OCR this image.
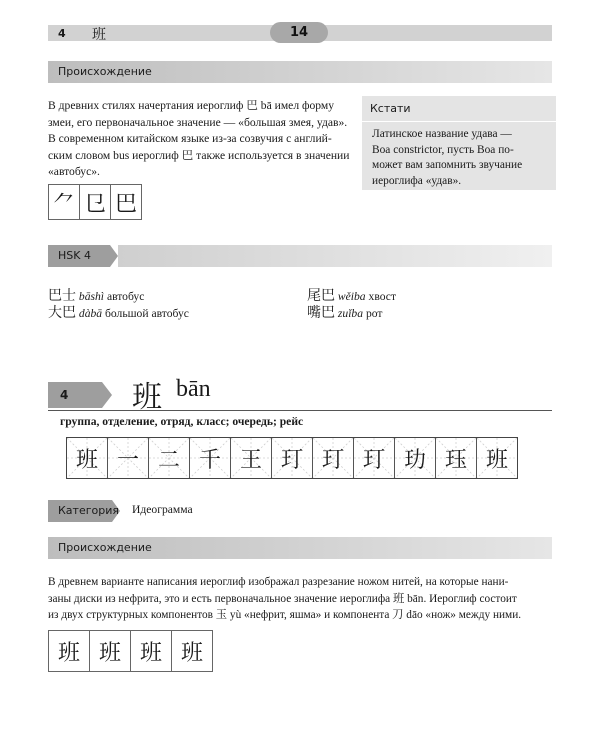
4 班	14
Происхождение
В древних стилях начертания иероглиф 巴 bā имел форму
змеи, его первоначальное значение — «большая змея, удав».
В современном китайском языке из-за созвучия с англий-
ским словом bus иероглиф 巴 также используется в значении
«автобус».
⺈ 㔾 巴
Кстати
Латинское название удава —
Boa constrictor, пусть Boa по-
может вам запомнить звучание
иероглифа «удав».
HSK 4
巴士 bāshì автобус
大巴 dàbā большой автобус
尾巴 wěiba хвост
嘴巴 zuǐba рот
4	班 bān
группа, отделение, отряд, класс; очередь; рейс
班 一 二 千 王 玎 玎 玎 玏 珏 班
Категория Идеограмма
Происхождение
В древнем варианте написания иероглиф изображал разрезание ножом нитей, на которые нани-
заны диски из нефрита, это и есть первоначальное значение иероглифа 班 bān. Иероглиф состоит
из двух структурных компонентов 玉 yù «нефрит, яшма» и компонента 刀 dāo «нож» между ними.
班 班 班 班
